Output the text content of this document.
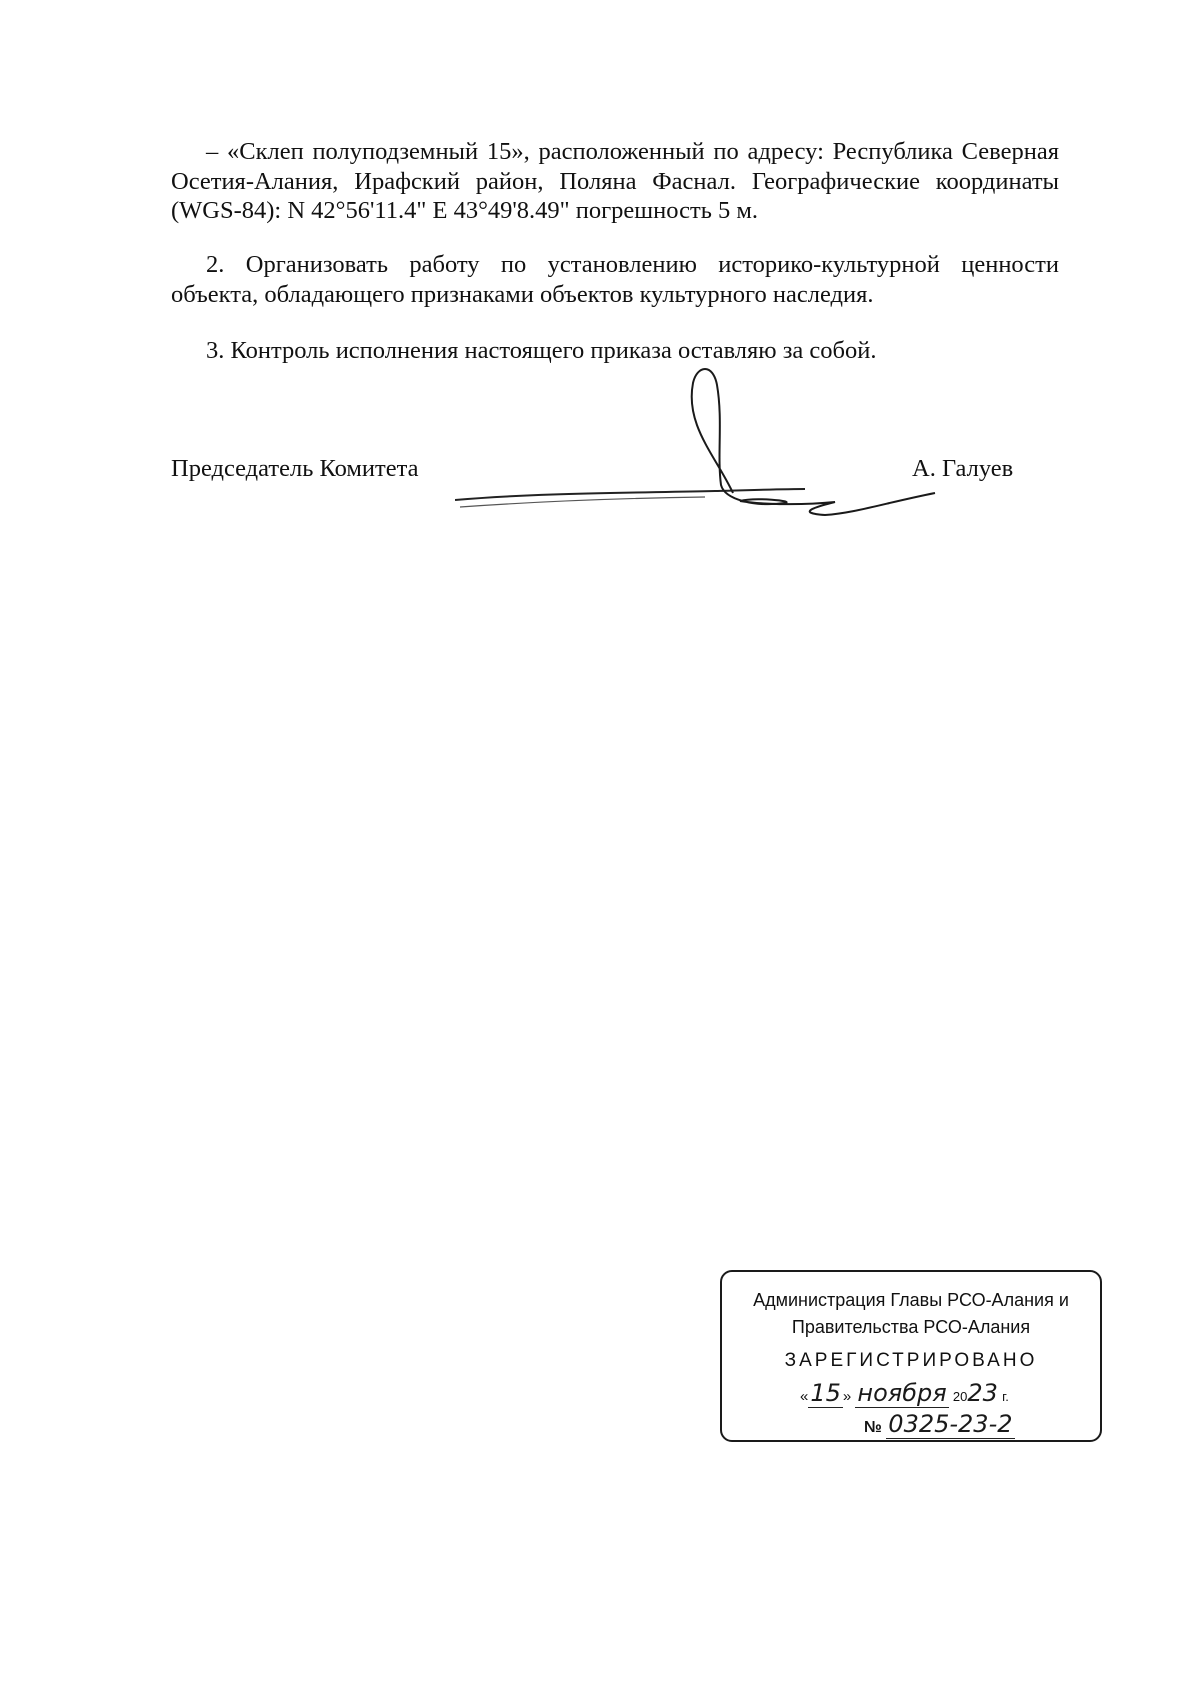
– «Склеп полуподземный 15», расположенный по адресу: Республика Северная Осетия-Алания, Ирафский район, Поляна Фаснал. Географические координаты (WGS-84): N 42°56'11.4" E 43°49'8.49" погрешность 5 м.

2. Организовать работу по установлению историко-культурной ценности объекта, обладающего признаками объектов культурного наследия.

3. Контроль исполнения настоящего приказа оставляю за собой.

Председатель Комитета	А. Галуев
Администрация Главы РСО-Алания и
Правительства РСО-Алания
ЗАРЕГИСТРИРОВАНО
«15 » ноября 2023 г.
№ 0325-23-2
